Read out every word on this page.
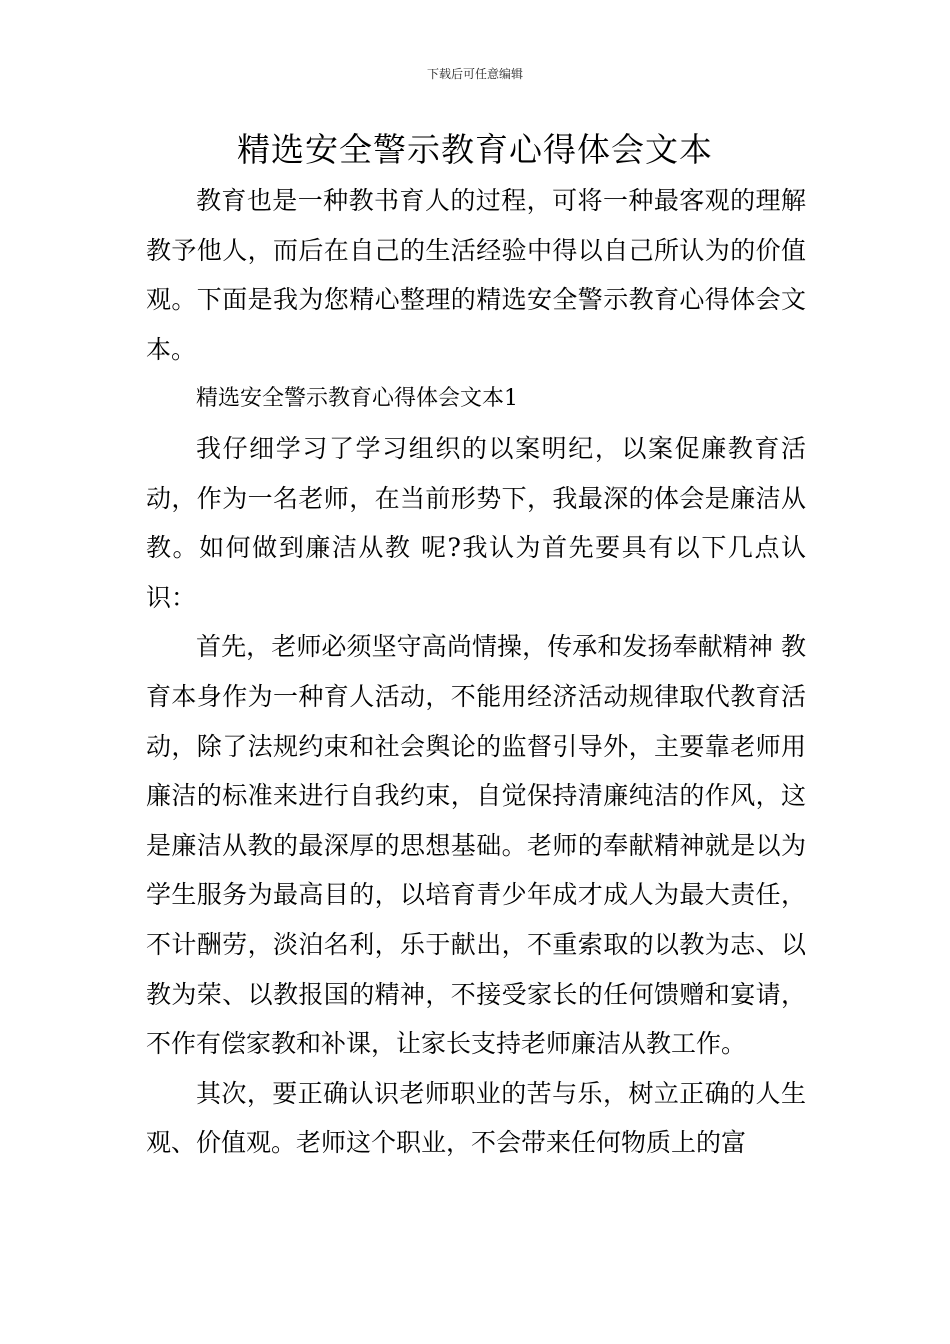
下载后可任意编辑
精选安全警示教育心得体会文本

教育也是一种教书育人的过程，可将一种最客观的理解教予他人，而后在自己的生活经验中得以自己所认为的价值观。下面是我为您精心整理的精选安全警示教育心得体会文本。

精选安全警示教育心得体会文本1

我仔细学习了学习组织的以案明纪，以案促廉教育活动，作为一名老师，在当前形势下，我最深的体会是廉洁从教。如何做到廉洁从教 呢?我认为首先要具有以下几点认识：

首先，老师必须坚守高尚情操，传承和发扬奉献精神 教育本身作为一种育人活动，不能用经济活动规律取代教育活动，除了法规约束和社会舆论的监督引导外，主要靠老师用廉洁的标准来进行自我约束，自觉保持清廉纯洁的作风，这是廉洁从教的最深厚的思想基础。老师的奉献精神就是以为学生服务为最高目的，以培育青少年成才成人为最大责任，不计酬劳，淡泊名利，乐于献出，不重索取的以教为志、以教为荣、以教报国的精神，不接受家长的任何馈赠和宴请，不作有偿家教和补课，让家长支持老师廉洁从教工作。

其次，要正确认识老师职业的苦与乐，树立正确的人生观、价值观。老师这个职业，不会带来任何物质上的富
